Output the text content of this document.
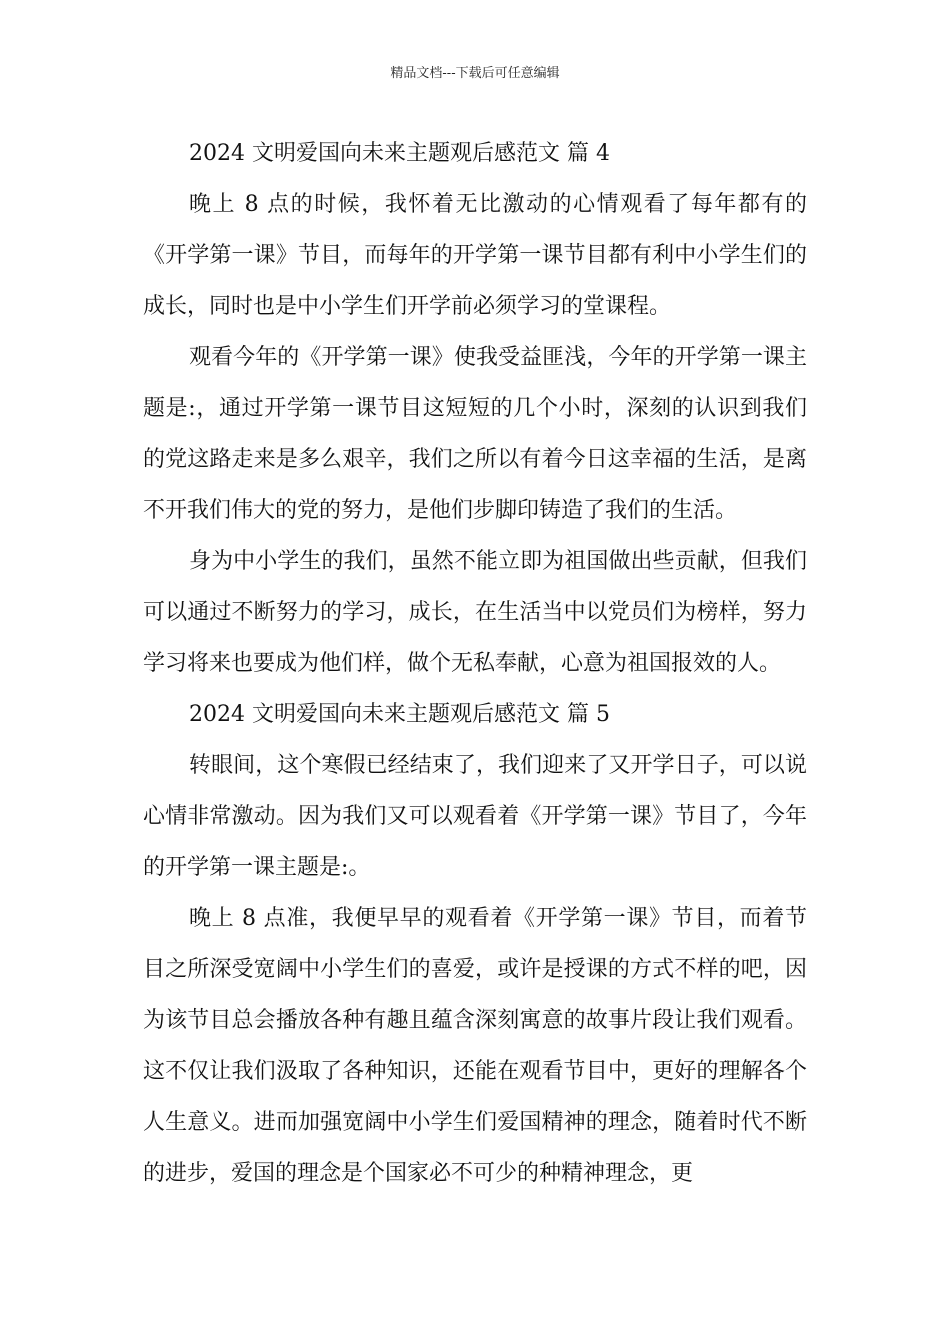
精品文档---下载后可任意编辑

2024 文明爱国向未来主题观后感范文 篇 4

晚上 8 点的时候，我怀着无比激动的心情观看了每年都有的《开学第一课》节目，而每年的开学第一课节目都有利中小学生们的成长，同时也是中小学生们开学前必须学习的堂课程。

观看今年的《开学第一课》使我受益匪浅，今年的开学第一课主题是:，通过开学第一课节目这短短的几个小时，深刻的认识到我们的党这路走来是多么艰辛，我们之所以有着今日这幸福的生活，是离不开我们伟大的党的努力，是他们步脚印铸造了我们的生活。

身为中小学生的我们，虽然不能立即为祖国做出些贡献，但我们可以通过不断努力的学习，成长，在生活当中以党员们为榜样，努力学习将来也要成为他们样，做个无私奉献，心意为祖国报效的人。

2024 文明爱国向未来主题观后感范文 篇 5

转眼间，这个寒假已经结束了，我们迎来了又开学日子，可以说心情非常激动。因为我们又可以观看着《开学第一课》节目了，今年的开学第一课主题是:。

晚上 8 点准，我便早早的观看着《开学第一课》节目，而着节目之所深受宽阔中小学生们的喜爱，或许是授课的方式不样的吧，因为该节目总会播放各种有趣且蕴含深刻寓意的故事片段让我们观看。这不仅让我们汲取了各种知识，还能在观看节目中，更好的理解各个人生意义。进而加强宽阔中小学生们爱国精神的理念，随着时代不断的进步，爱国的理念是个国家必不可少的种精神理念，更
